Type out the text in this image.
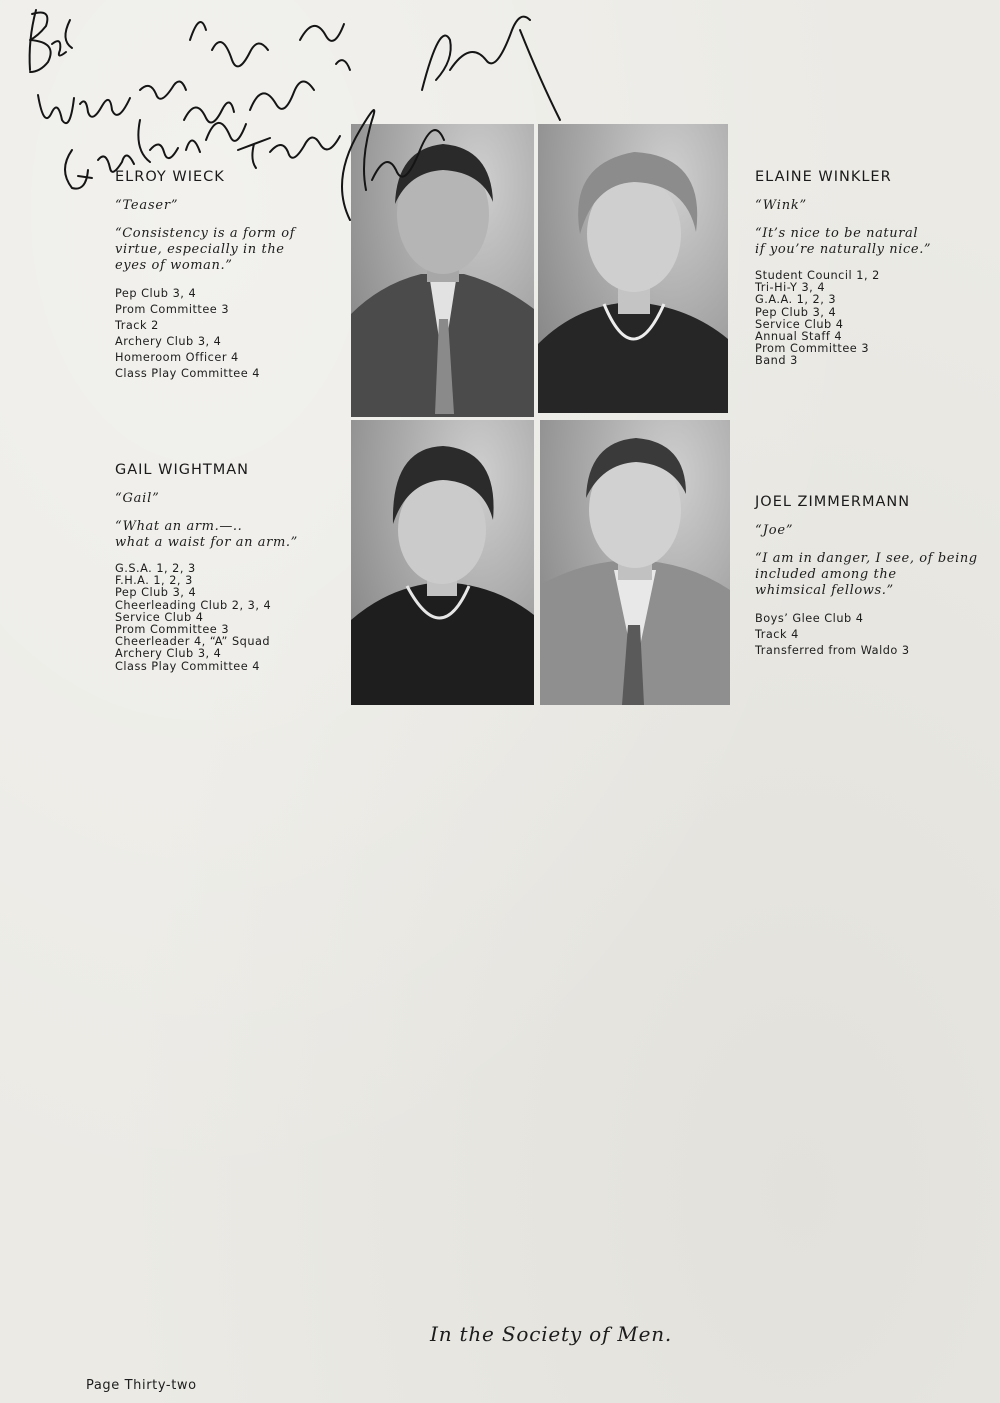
ELROY WIECK
“Teaser”
“Consistency is a form of
virtue, especially in the
eyes of woman.”
Pep Club 3, 4
Prom Committee 3
Track 2
Archery Club 3, 4
Homeroom Officer 4
Class Play Committee 4
ELAINE WINKLER
“Wink”
“It’s nice to be natural
if you’re naturally nice.”
Student Council 1, 2
Tri-Hi-Y 3, 4
G.A.A. 1, 2, 3
Pep Club 3, 4
Service Club 4
Annual Staff 4
Prom Committee 3
Band 3
GAIL WIGHTMAN
“Gail”
“What an arm.—..
what a waist for an arm.”
G.S.A. 1, 2, 3
F.H.A. 1, 2, 3
Pep Club 3, 4
Cheerleading Club 2, 3, 4
Service Club 4
Prom Committee 3
Cheerleader 4, “A” Squad
Archery Club 3, 4
Class Play Committee 4
JOEL ZIMMERMANN
“Joe”
“I am in danger, I see, of being
included among the
whimsical fellows.”
Boys’ Glee Club 4
Track 4
Transferred from Waldo 3
In the Society of Men.
Page Thirty-two
